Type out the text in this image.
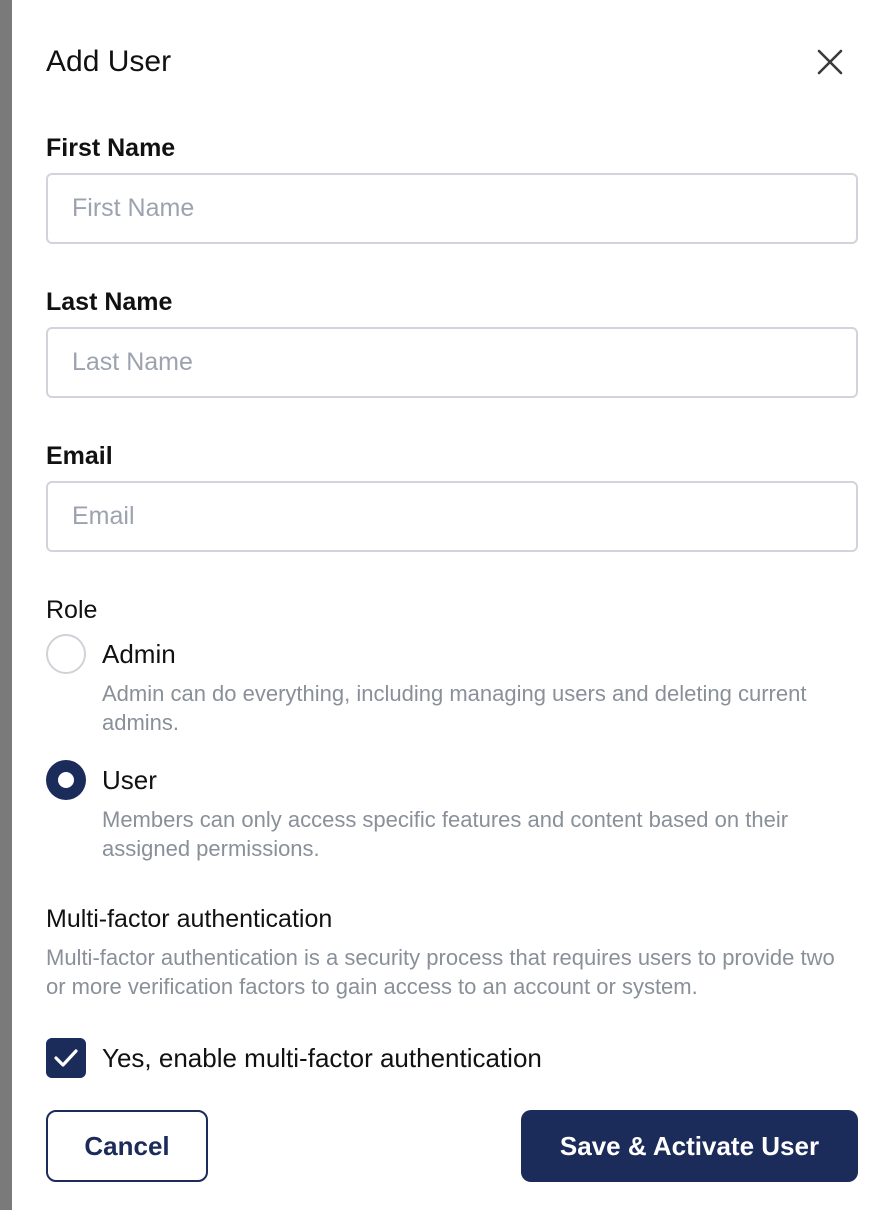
Add User
First Name
First Name
Last Name
Last Name
Email
Email
Role
Admin
Admin can do everything, including managing users and deleting current admins.
User
Members can only access specific features and content based on their assigned permissions.
Multi-factor authentication
Multi-factor authentication is a security process that requires users to provide two or more verification factors to gain access to an account or system.
Yes, enable multi-factor authentication
Cancel	Save & Activate User
